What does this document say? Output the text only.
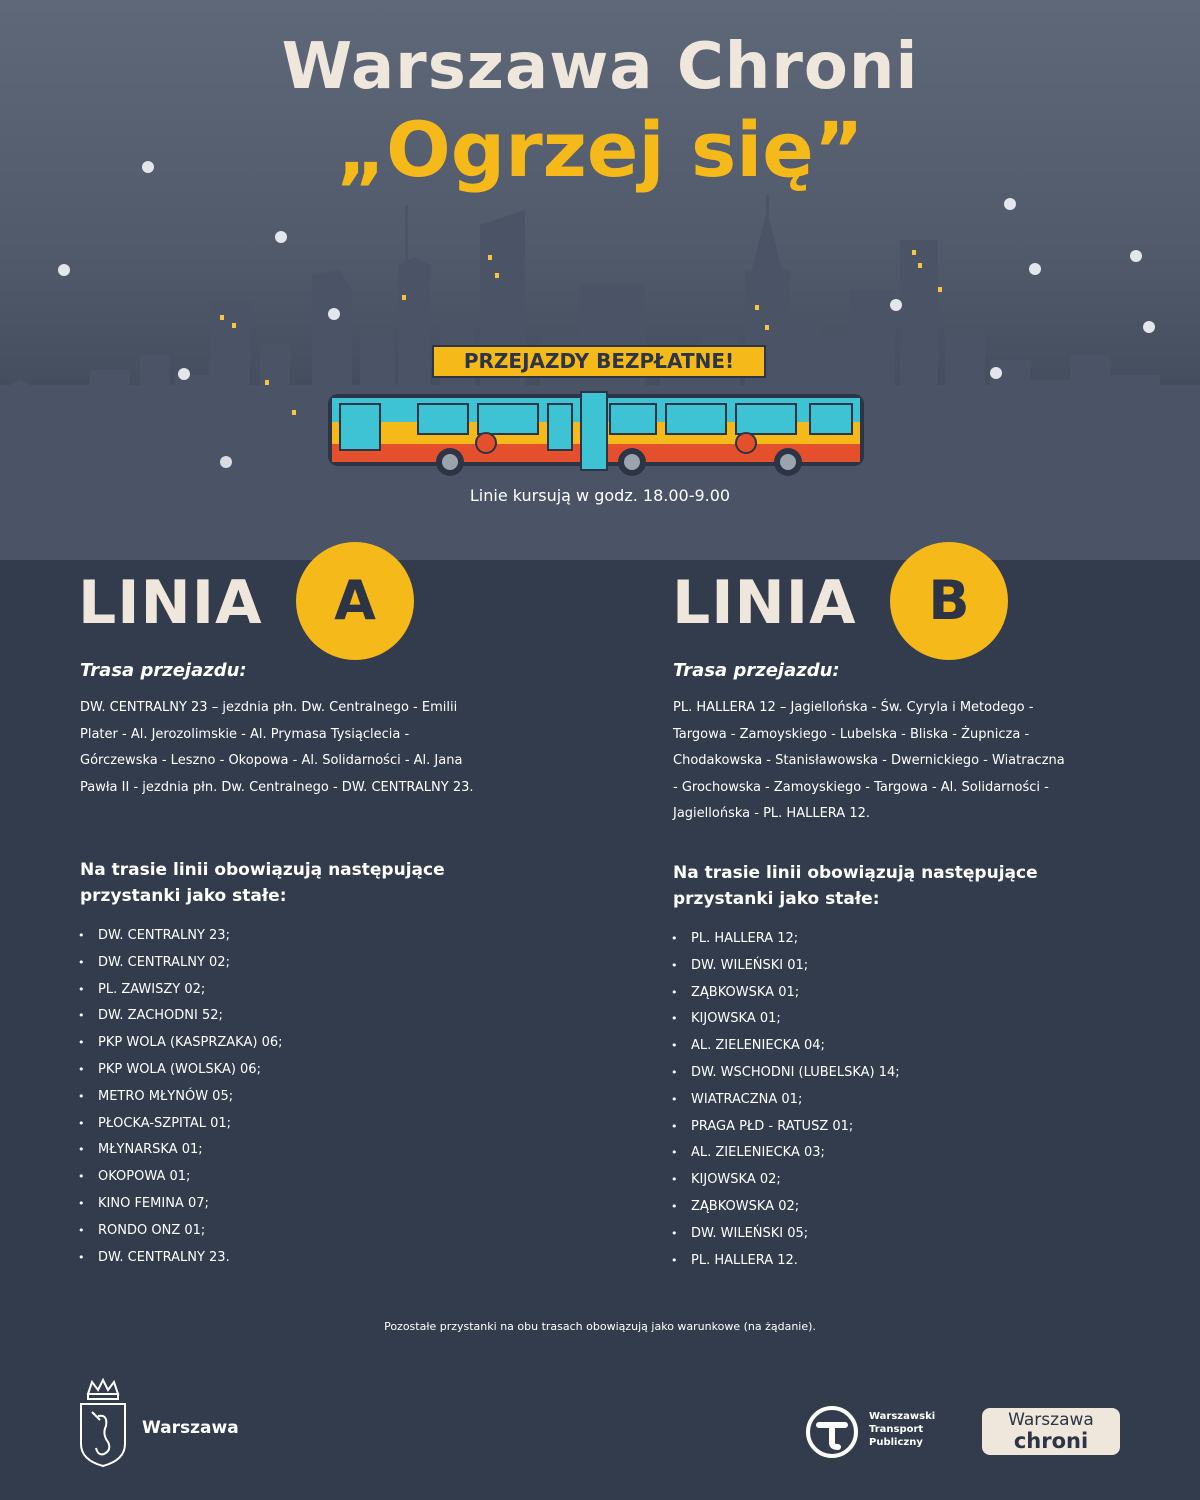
Warszawa Chroni
„Ogrzej się”
PRZEJAZDY BEZPŁATNE!
Linie kursują w godz. 18.00-9.00
LINIA	A
Trasa przejazdu:
DW. CENTRALNY 23 – jezdnia płn. Dw. Centralnego - Emilii
Plater - Al. Jerozolimskie - Al. Prymasa Tysiąclecia -
Górczewska - Leszno - Okopowa - Al. Solidarności - Al. Jana
Pawła II - jezdnia płn. Dw. Centralnego - DW. CENTRALNY 23.
Na trasie linii obowiązują następujące
przystanki jako stałe:
• DW. CENTRALNY 23;
• DW. CENTRALNY 02;
• PL. ZAWISZY 02;
• DW. ZACHODNI 52;
• PKP WOLA (KASPRZAKA) 06;
• PKP WOLA (WOLSKA) 06;
• METRO MŁYNÓW 05;
• PŁOCKA-SZPITAL 01;
• MŁYNARSKA 01;
• OKOPOWA 01;
• KINO FEMINA 07;
• RONDO ONZ 01;
• DW. CENTRALNY 23.
LINIA	B
Trasa przejazdu:
PL. HALLERA 12 – Jagiellońska - Św. Cyryla i Metodego -
Targowa - Zamoyskiego - Lubelska - Bliska - Żupnicza -
Chodakowska - Stanisławowska - Dwernickiego - Wiatraczna
- Grochowska - Zamoyskiego - Targowa - Al. Solidarności -
Jagiellońska - PL. HALLERA 12.
Na trasie linii obowiązują następujące
przystanki jako stałe:
• PL. HALLERA 12;
• DW. WILEŃSKI 01;
• ZĄBKOWSKA 01;
• KIJOWSKA 01;
• AL. ZIELENIECKA 04;
• DW. WSCHODNI (LUBELSKA) 14;
• WIATRACZNA 01;
• PRAGA PŁD - RATUSZ 01;
• AL. ZIELENIECKA 03;
• KIJOWSKA 02;
• ZĄBKOWSKA 02;
• DW. WILEŃSKI 05;
• PL. HALLERA 12.
Pozostałe przystanki na obu trasach obowiązują jako warunkowe (na żądanie).
Warszawa
Warszawski
Transport
Publiczny
Warszawa
chroni
